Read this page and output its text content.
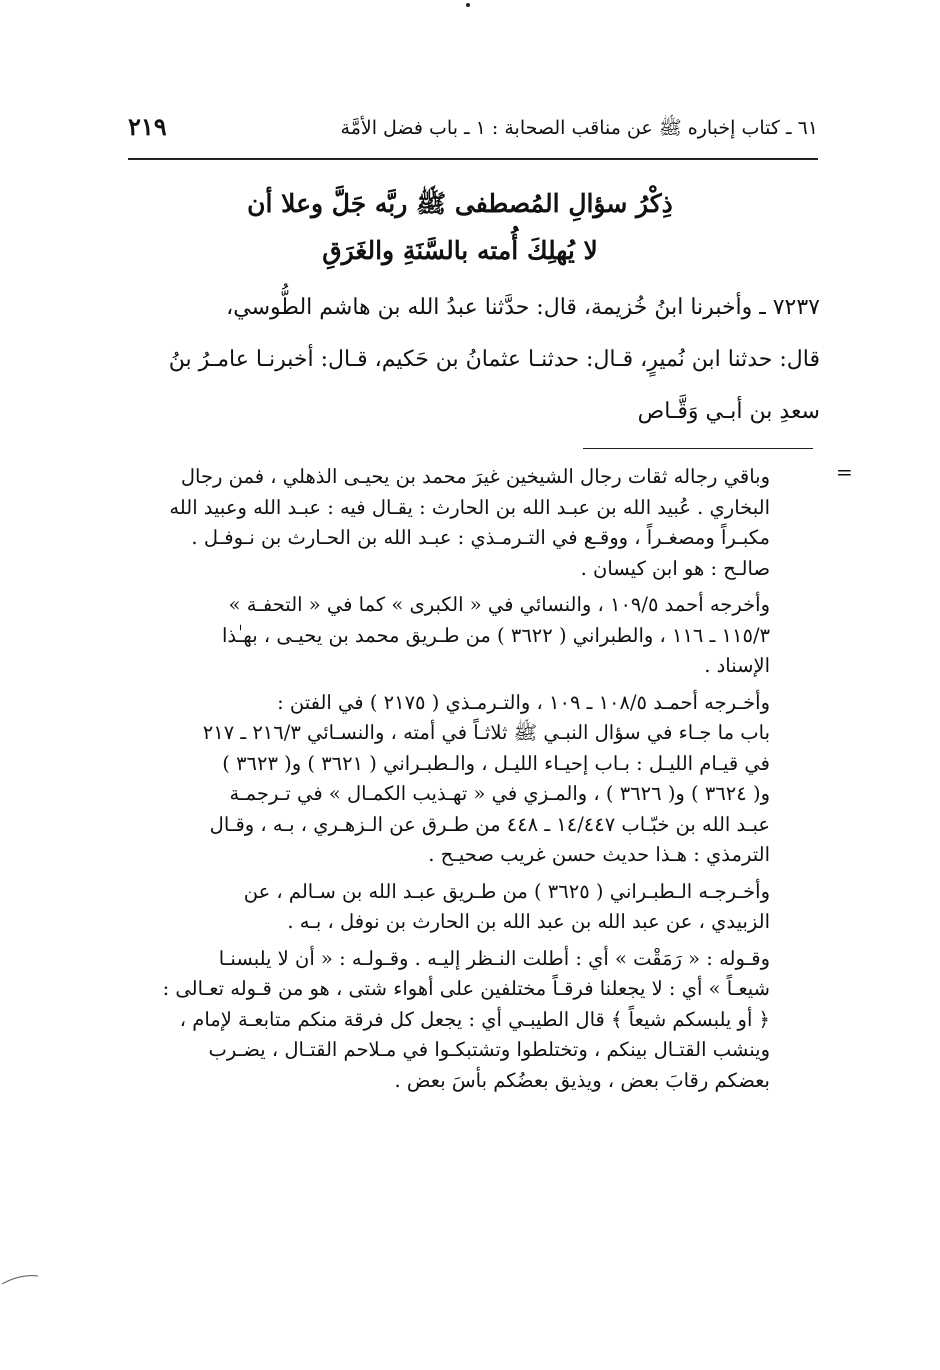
٦١ ـ كتاب إخباره ﷺ عن مناقب الصحابة : ١ ـ باب فضل الأمَّة
٢١٩
ذِكْرُ سؤالِ المُصطفى ﷺ ربَّه جَلَّ وعلا أن
لا يُهلِكَ أُمته بالسَّنَةِ والغَرَقِ
٧٢٣٧ ـ وأخبرنا ابنُ خُزيمة، قال: حدَّثنا عبدُ الله بن هاشم الطُّوسي،
قال: حدثنا ابن نُميرٍ، قـال: حدثنـا عثمانُ بن حَكيم، قـال: أخبرنـا عامـرُ بنُ
سعدِ بن أبـي وَقَّـاص
=

وباقي رجاله ثقات رجال الشيخين غيرَ محمد بن يحيـى الذهلي ، فمن رجال
البخاري . عُبيد الله بن عبـد الله بن الحارث : يقـال فيه : عبـد الله وعبيد الله
مكبـراً ومصغـراً ، ووقـع في التـرمـذي : عبـد الله بن الحـارث بن نـوفـل .
صالـح : هو ابن كيسان .

وأخرجه أحمد ١٠٩/٥ ، والنسائي في « الكبرى » كما في « التحفـة »
١١٥/٣ ـ ١١٦ ، والطبراني ( ٣٦٢٢ ) من طـريق محمد بن يحيـى ، بهـٰذا
الإسناد .

وأخـرجه أحمـد ١٠٨/٥ ـ ١٠٩ ، والتـرمـذي ( ٢١٧٥ ) في الفتن :
باب ما جـاء في سؤال النبـي ﷺ ثلاثـاً في أمته ، والنسـائي ٢١٦/٣ ـ ٢١٧
في قيـام الليـل : بـاب إحيـاء الليـل ، والـطبـراني ( ٣٦٢١ ) و( ٣٦٢٣ )
و( ٣٦٢٤ ) و( ٣٦٢٦ ) ، والمـزي في « تهـذيب الكمـال » في تـرجمـة
عبـد الله بن خبّـاب ١٤/٤٤٧ ـ ٤٤٨ من طـرق عن الـزهـري ، بـه ، وقـال
الترمذي : هـذا حديث حسن غريب صحيـح .

وأخـرجـه الـطبـراني ( ٣٦٢٥ ) من طـريق عبـد الله بن سـالم ، عن
الزبيدي ، عن عبد الله بن عبد الله بن الحارث بن نوفل ، بـه .

وقـوله : « رَمَقْت » أي : أطلت النـظر إليـه . وقـولـه : « أن لا يلبسنـا
شيعـاً » أي : لا يجعلنا فرقـاً مختلفين على أهواء شتى ، هو من قـوله تعـالى :
﴿ أو يلبسكم شيعاً ﴾ قال الطيبـي أي : يجعل كل فرقة منكم متابعـة لإمام ،
وينشب القتـال بينكم ، وتختلطوا وتشتبكـوا في مـلاحم القتـال ، يضـرب
بعضكم رقابَ بعض ، ويذيق بعضُكم بأسَ بعض .
